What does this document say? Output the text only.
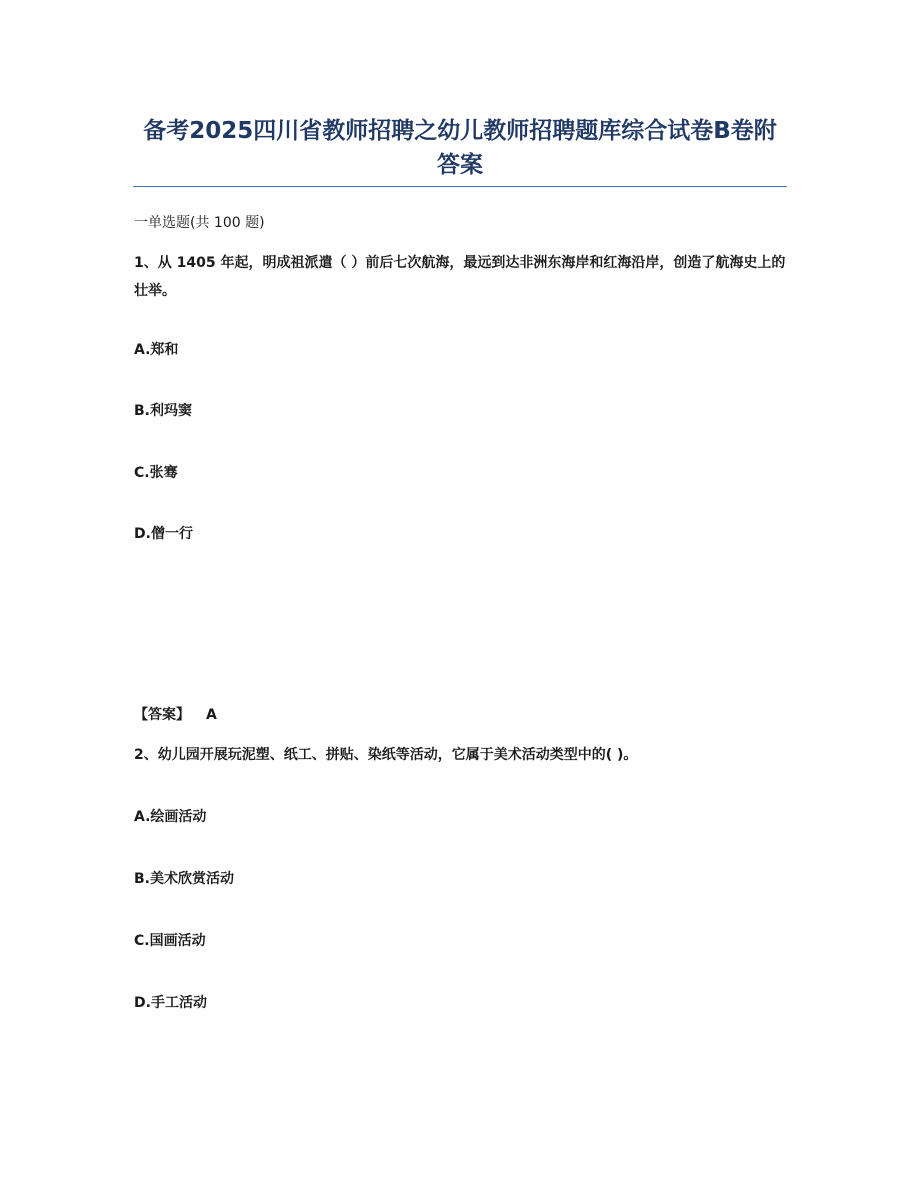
备考2025四川省教师招聘之幼儿教师招聘题库综合试卷B卷附答案

一单选题(共 100 题)

1、从 1405 年起，明成祖派遣（ ）前后七次航海，最远到达非洲东海岸和红海沿岸，创造了航海史上的壮举。

A.郑和

B.利玛窦

C.张骞

D.僧一行

【答案】 A

2、幼儿园开展玩泥塑、纸工、拼贴、染纸等活动，它属于美术活动类型中的( )。

A.绘画活动

B.美术欣赏活动

C.国画活动

D.手工活动
